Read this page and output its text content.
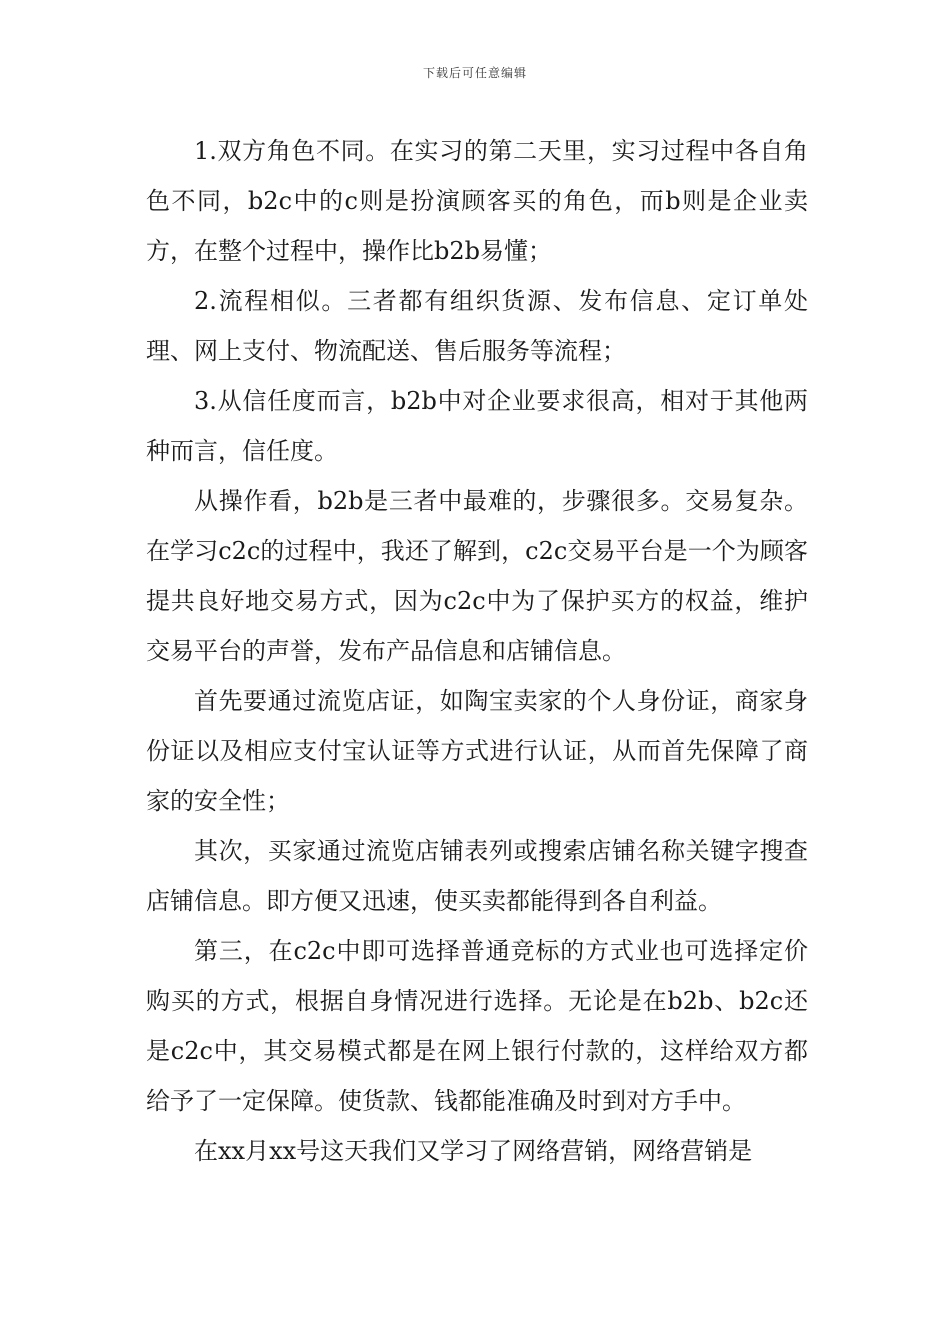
下载后可任意编辑

1.双方角色不同。在实习的第二天里，实习过程中各自角色不同，b2c中的c则是扮演顾客买的角色，而b则是企业卖方，在整个过程中，操作比b2b易懂；

2.流程相似。三者都有组织货源、发布信息、定订单处理、网上支付、物流配送、售后服务等流程；

3.从信任度而言，b2b中对企业要求很高，相对于其他两种而言，信任度。

从操作看，b2b是三者中最难的，步骤很多。交易复杂。在学习c2c的过程中，我还了解到，c2c交易平台是一个为顾客提共良好地交易方式，因为c2c中为了保护买方的权益，维护交易平台的声誉，发布产品信息和店铺信息。

首先要通过流览店证，如陶宝卖家的个人身份证，商家身份证以及相应支付宝认证等方式进行认证，从而首先保障了商家的安全性；

其次，买家通过流览店铺表列或搜索店铺名称关键字搜查店铺信息。即方便又迅速，使买卖都能得到各自利益。

第三，在c2c中即可选择普通竞标的方式业也可选择定价购买的方式，根据自身情况进行选择。无论是在b2b、b2c还是c2c中，其交易模式都是在网上银行付款的，这样给双方都给予了一定保障。使货款、钱都能准确及时到对方手中。

在xx月xx号这天我们又学习了网络营销，网络营销是
